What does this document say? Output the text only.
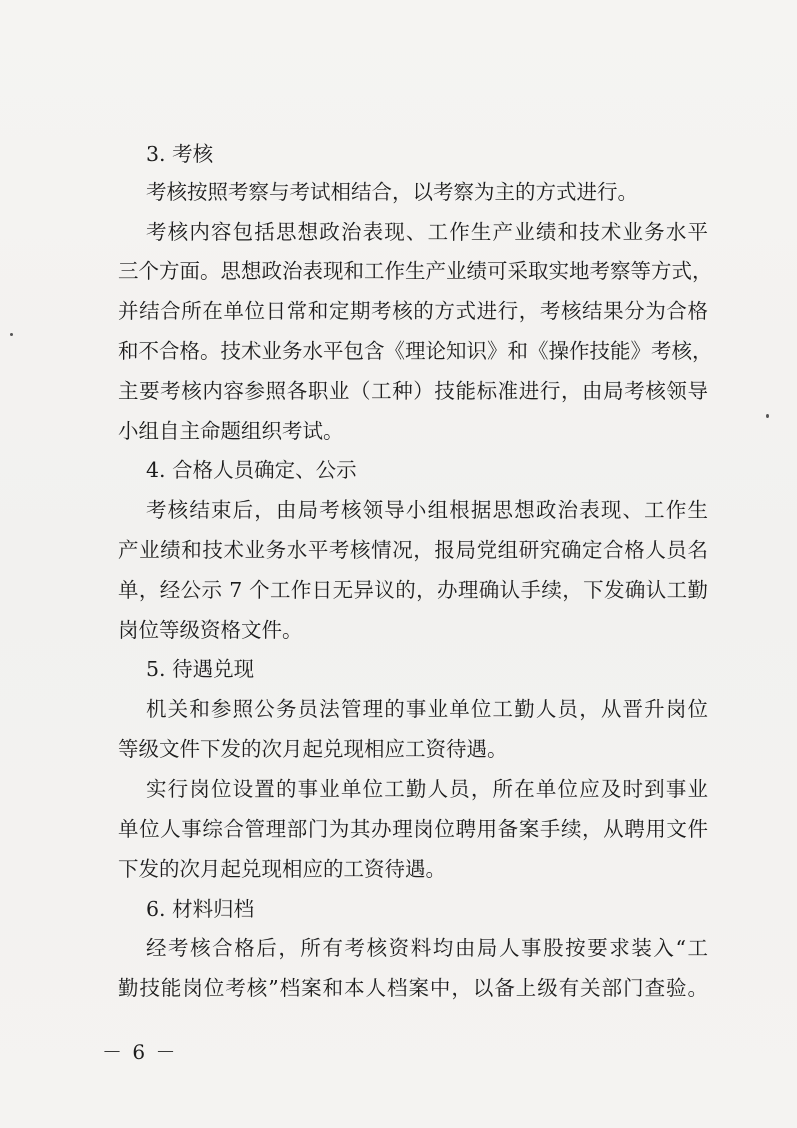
3. 考核
考核按照考察与考试相结合，以考察为主的方式进行。
考核内容包括思想政治表现、工作生产业绩和技术业务水平
三个方面。思想政治表现和工作生产业绩可采取实地考察等方式，
并结合所在单位日常和定期考核的方式进行，考核结果分为合格
和不合格。技术业务水平包含《理论知识》和《操作技能》考核，
主要考核内容参照各职业（工种）技能标准进行，由局考核领导
小组自主命题组织考试。
4. 合格人员确定、公示
考核结束后，由局考核领导小组根据思想政治表现、工作生
产业绩和技术业务水平考核情况，报局党组研究确定合格人员名
单，经公示 7 个工作日无异议的，办理确认手续，下发确认工勤
岗位等级资格文件。
5. 待遇兑现
机关和参照公务员法管理的事业单位工勤人员，从晋升岗位
等级文件下发的次月起兑现相应工资待遇。
实行岗位设置的事业单位工勤人员，所在单位应及时到事业
单位人事综合管理部门为其办理岗位聘用备案手续，从聘用文件
下发的次月起兑现相应的工资待遇。
6. 材料归档
经考核合格后，所有考核资料均由局人事股按要求装入“工
勤技能岗位考核”档案和本人档案中，以备上级有关部门查验。
－ 6 －
